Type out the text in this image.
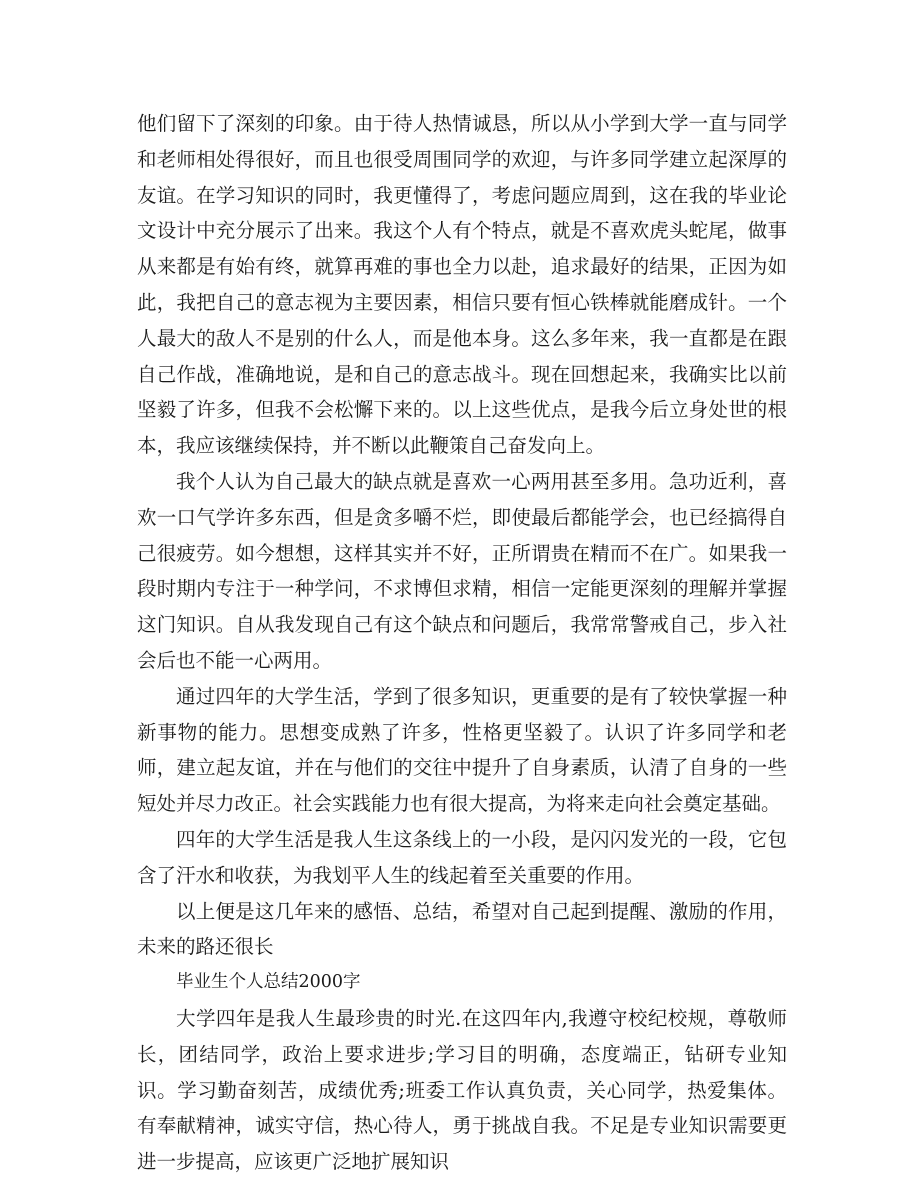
他们留下了深刻的印象。由于待人热情诚恳，所以从小学到大学一直与同学和老师相处得很好，而且也很受周围同学的欢迎，与许多同学建立起深厚的友谊。在学习知识的同时，我更懂得了，考虑问题应周到，这在我的毕业论文设计中充分展示了出来。我这个人有个特点，就是不喜欢虎头蛇尾，做事从来都是有始有终，就算再难的事也全力以赴，追求最好的结果，正因为如此，我把自己的意志视为主要因素，相信只要有恒心铁棒就能磨成针。一个人最大的敌人不是别的什么人，而是他本身。这么多年来，我一直都是在跟自己作战，准确地说，是和自己的意志战斗。现在回想起来，我确实比以前坚毅了许多，但我不会松懈下来的。以上这些优点，是我今后立身处世的根本，我应该继续保持，并不断以此鞭策自己奋发向上。

我个人认为自己最大的缺点就是喜欢一心两用甚至多用。急功近利，喜欢一口气学许多东西，但是贪多嚼不烂，即使最后都能学会，也已经搞得自己很疲劳。如今想想，这样其实并不好，正所谓贵在精而不在广。如果我一段时期内专注于一种学问，不求博但求精，相信一定能更深刻的理解并掌握这门知识。自从我发现自己有这个缺点和问题后，我常常警戒自己，步入社会后也不能一心两用。

通过四年的大学生活，学到了很多知识，更重要的是有了较快掌握一种新事物的能力。思想变成熟了许多，性格更坚毅了。认识了许多同学和老师，建立起友谊，并在与他们的交往中提升了自身素质，认清了自身的一些短处并尽力改正。社会实践能力也有很大提高，为将来走向社会奠定基础。

四年的大学生活是我人生这条线上的一小段，是闪闪发光的一段，它包含了汗水和收获，为我划平人生的线起着至关重要的作用。

以上便是这几年来的感悟、总结，希望对自己起到提醒、激励的作用，未来的路还很长

毕业生个人总结2000字

大学四年是我人生最珍贵的时光.在这四年内,我遵守校纪校规，尊敬师长，团结同学，政治上要求进步;学习目的明确，态度端正，钻研专业知识。学习勤奋刻苦，成绩优秀;班委工作认真负责，关心同学，热爱集体。有奉献精神，诚实守信，热心待人，勇于挑战自我。不足是专业知识需要更进一步提高，应该更广泛地扩展知识
